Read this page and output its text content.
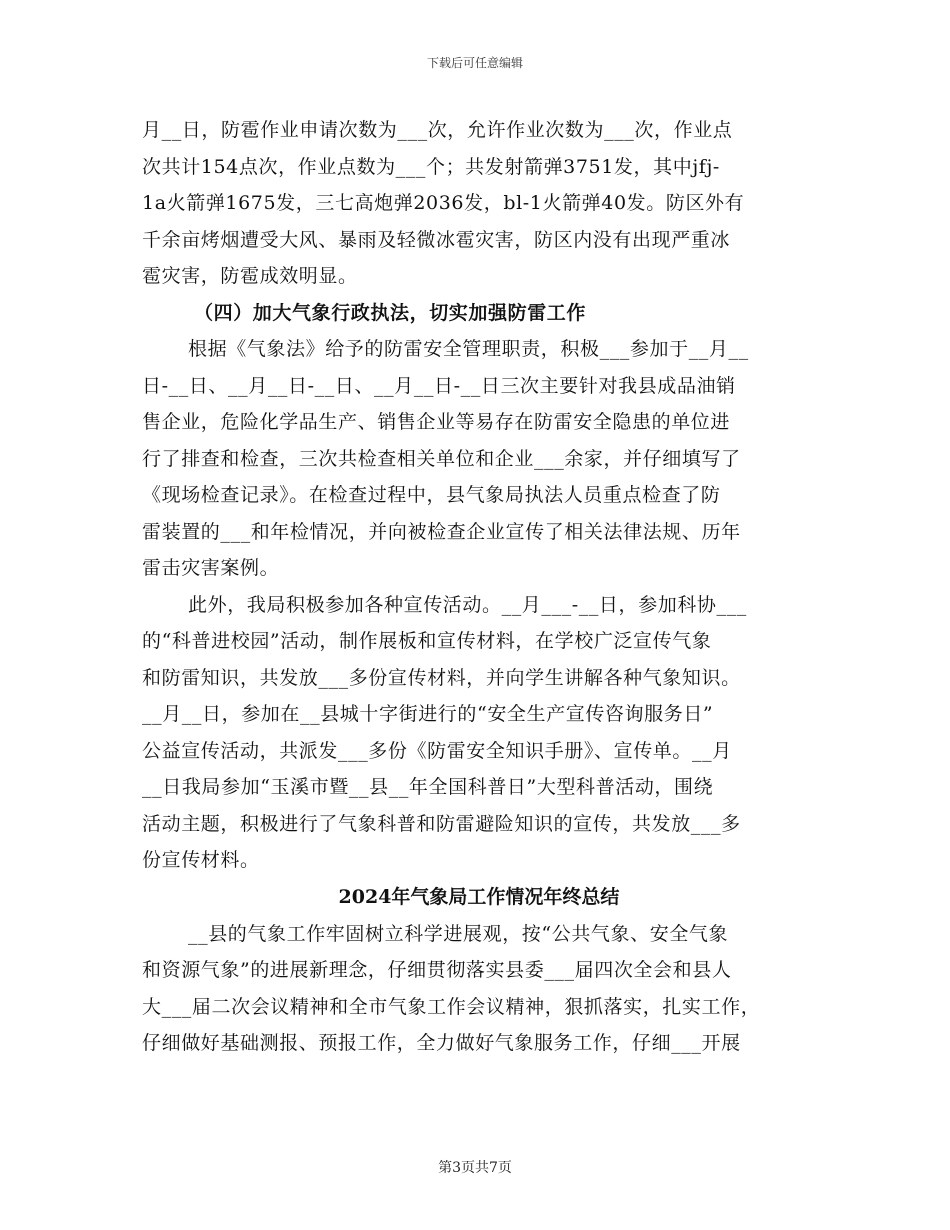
下载后可任意编辑
月__日，防雹作业申请次数为___次，允许作业次数为___次，作业点
次共计154点次，作业点数为___个；共发射箭弹3751发，其中jfj-
1a火箭弹1675发，三七高炮弹2036发，bl-1火箭弹40发。防区外有
千余亩烤烟遭受大风、暴雨及轻微冰雹灾害，防区内没有出现严重冰
雹灾害，防雹成效明显。
（四）加大气象行政执法，切实加强防雷工作
根据《气象法》给予的防雷安全管理职责，积极___参加于__月__
日-__日、__月__日-__日、__月__日-__日三次主要针对我县成品油销
售企业，危险化学品生产、销售企业等易存在防雷安全隐患的单位进
行了排查和检查，三次共检查相关单位和企业___余家，并仔细填写了
《现场检查记录》。在检查过程中，县气象局执法人员重点检查了防
雷装置的___和年检情况，并向被检查企业宣传了相关法律法规、历年
雷击灾害案例。
此外，我局积极参加各种宣传活动。__月___-__日，参加科协___
的“科普进校园”活动，制作展板和宣传材料，在学校广泛宣传气象
和防雷知识，共发放___多份宣传材料，并向学生讲解各种气象知识。
__月__日，参加在__县城十字街进行的“安全生产宣传咨询服务日”
公益宣传活动，共派发___多份《防雷安全知识手册》、宣传单。__月
__日我局参加“玉溪市暨__县__年全国科普日”大型科普活动，围绕
活动主题，积极进行了气象科普和防雷避险知识的宣传，共发放___多
份宣传材料。
2024年气象局工作情况年终总结
__县的气象工作牢固树立科学进展观，按“公共气象、安全气象
和资源气象”的进展新理念，仔细贯彻落实县委___届四次全会和县人
大___届二次会议精神和全市气象工作会议精神，狠抓落实，扎实工作，
仔细做好基础测报、预报工作，全力做好气象服务工作，仔细___开展
第3页共7页
